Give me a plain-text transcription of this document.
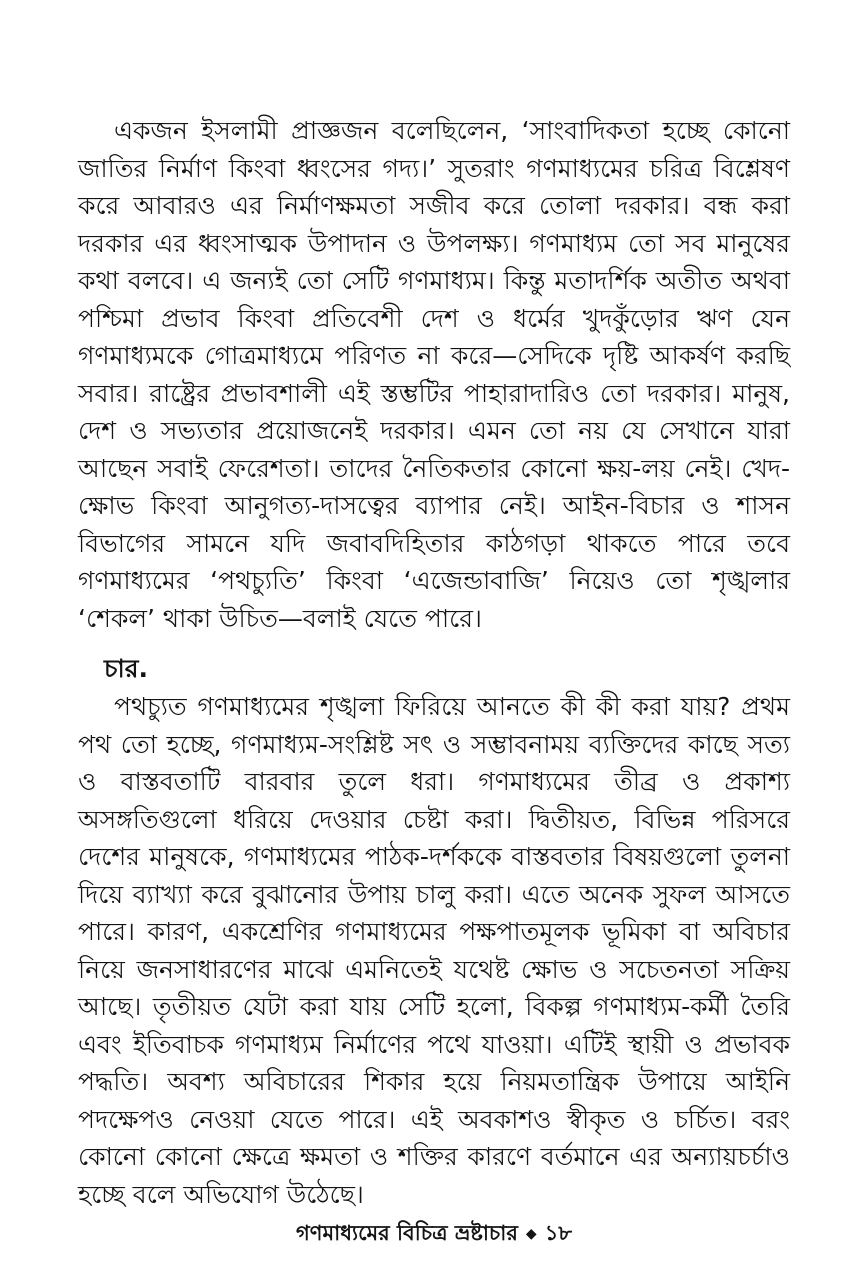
একজন ইসলামী প্রাজ্ঞজন বলেছিলেন, ‘সাংবাদিকতা হচ্ছে কোনো জাতির নির্মাণ কিংবা ধ্বংসের গদ্য।’ সুতরাং গণমাধ্যমের চরিত্র বিশ্লেষণ করে আবারও এর নির্মাণক্ষমতা সজীব করে তোলা দরকার। বন্ধ করা দরকার এর ধ্বংসাত্মক উপাদান ও উপলক্ষ্য। গণমাধ্যম তো সব মানুষের কথা বলবে। এ জন্যই তো সেটি গণমাধ্যম। কিন্তু মতাদর্শিক অতীত অথবা পশ্চিমা প্রভাব কিংবা প্রতিবেশী দেশ ও ধর্মের খুদকুঁড়োর ঋণ যেন গণমাধ্যমকে গোত্রমাধ্যমে পরিণত না করে—সেদিকে দৃষ্টি আকর্ষণ করছি সবার। রাষ্ট্রের প্রভাবশালী এই স্তম্ভটির পাহারাদারিও তো দরকার। মানুষ, দেশ ও সভ্যতার প্রয়োজনেই দরকার। এমন তো নয় যে সেখানে যারা আছেন সবাই ফেরেশতা। তাদের নৈতিকতার কোনো ক্ষয়-লয় নেই। খেদ-ক্ষোভ কিংবা আনুগত্য-দাসত্বের ব্যাপার নেই। আইন-বিচার ও শাসন বিভাগের সামনে যদি জবাবদিহিতার কাঠগড়া থাকতে পারে তবে গণমাধ্যমের ‘পথচ্যুতি’ কিংবা ‘এজেন্ডাবাজি’ নিয়েও তো শৃঙ্খলার ‘শেকল’ থাকা উচিত—বলাই যেতে পারে।

চার.

পথচ্যুত গণমাধ্যমের শৃঙ্খলা ফিরিয়ে আনতে কী কী করা যায়? প্রথম পথ তো হচ্ছে, গণমাধ্যম-সংশ্লিষ্ট সৎ ও সম্ভাবনাময় ব্যক্তিদের কাছে সত্য ও বাস্তবতাটি বারবার তুলে ধরা। গণমাধ্যমের তীব্র ও প্রকাশ্য অসঙ্গতিগুলো ধরিয়ে দেওয়ার চেষ্টা করা। দ্বিতীয়ত, বিভিন্ন পরিসরে দেশের মানুষকে, গণমাধ্যমের পাঠক-দর্শককে বাস্তবতার বিষয়গুলো তুলনা দিয়ে ব্যাখ্যা করে বুঝানোর উপায় চালু করা। এতে অনেক সুফল আসতে পারে। কারণ, একশ্রেণির গণমাধ্যমের পক্ষপাতমূলক ভূমিকা বা অবিচার নিয়ে জনসাধারণের মাঝে এমনিতেই যথেষ্ট ক্ষোভ ও সচেতনতা সক্রিয় আছে। তৃতীয়ত যেটা করা যায় সেটি হলো, বিকল্প গণমাধ্যম-কর্মী তৈরি এবং ইতিবাচক গণমাধ্যম নির্মাণের পথে যাওয়া। এটিই স্থায়ী ও প্রভাবক পদ্ধতি। অবশ্য অবিচারের শিকার হয়ে নিয়মতান্ত্রিক উপায়ে আইনি পদক্ষেপও নেওয়া যেতে পারে। এই অবকাশও স্বীকৃত ও চর্চিত। বরং কোনো কোনো ক্ষেত্রে ক্ষমতা ও শক্তির কারণে বর্তমানে এর অন্যায়চর্চাও হচ্ছে বলে অভিযোগ উঠেছে।

গণমাধ্যমের বিচিত্র ভ্রষ্টাচার ◆ ১৮
